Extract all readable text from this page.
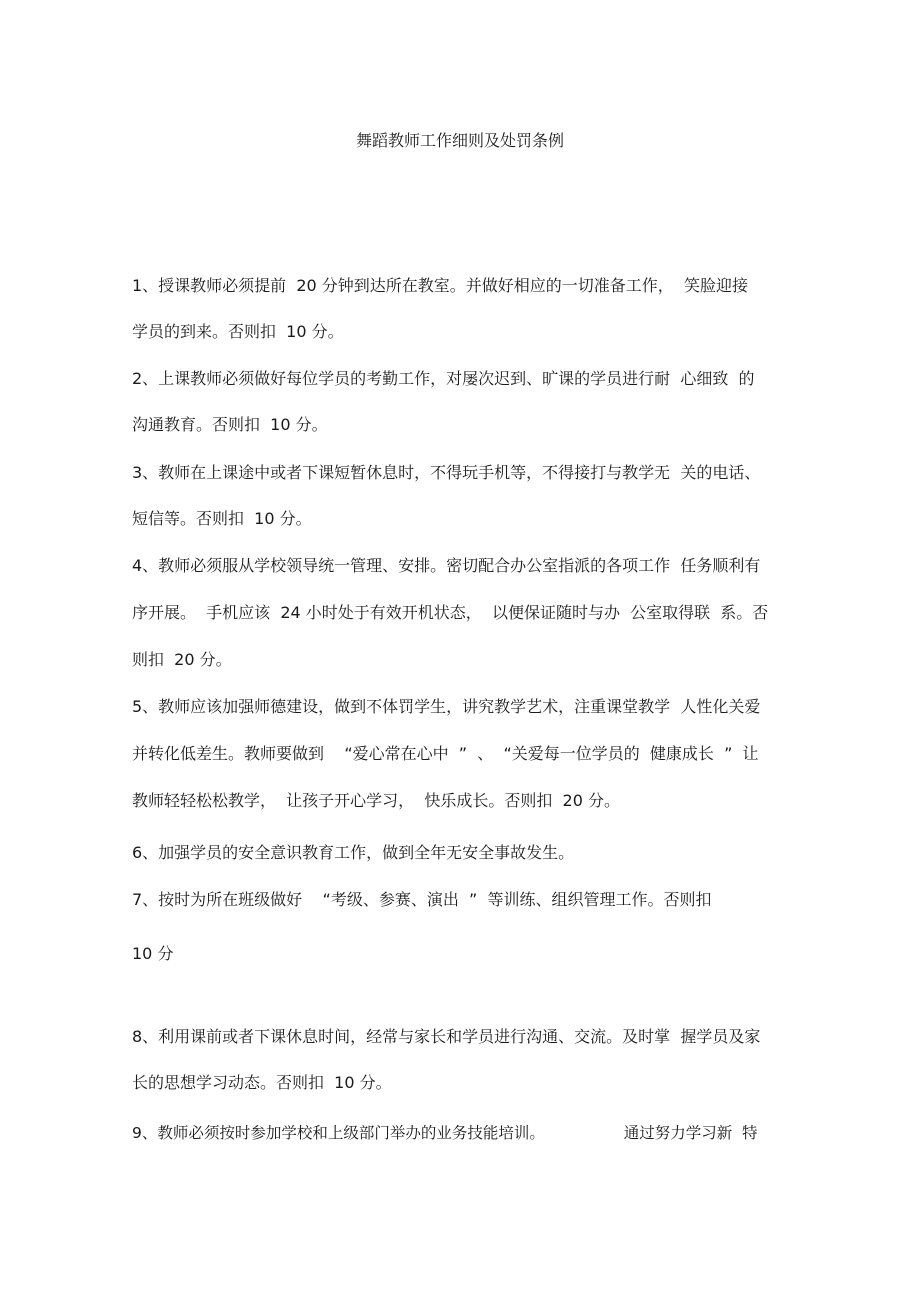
舞蹈教师工作细则及处罚条例
1、授课教师必须提前  20 分钟到达所在教室。并做好相应的一切准备工作，  笑脸迎接
学员的到来。否则扣  10 分。
2、上课教师必须做好每位学员的考勤工作，对屡次迟到、旷课的学员进行耐  心细致  的
沟通教育。否则扣  10 分。
3、教师在上课途中或者下课短暂休息时，不得玩手机等，不得接打与教学无  关的电话、
短信等。否则扣  10 分。
4、教师必须服从学校领导统一管理、安排。密切配合办公室指派的各项工作  任务顺利有
序开展。  手机应该  24 小时处于有效开机状态，  以便保证随时与办  公室取得联  系。否
则扣  20 分。
5、教师应该加强师德建设，做到不体罚学生，讲究教学艺术，注重课堂教学  人性化关爱
并转化低差生。教师要做到    “爱心常在心中  ”  、  “关爱每一位学员的  健康成长  ”  让
教师轻轻松松教学，  让孩子开心学习，  快乐成长。否则扣  20 分。
6、加强学员的安全意识教育工作，做到全年无安全事故发生。
7、按时为所在班级做好    “考级、参赛、演出  ”  等训练、组织管理工作。否则扣
10 分
8、利用课前或者下课休息时间，经常与家长和学员进行沟通、交流。及时掌  握学员及家
长的思想学习动态。否则扣  10 分。
9、教师必须按时参加学校和上级部门举办的业务技能培训。                通过努力学习新  特
